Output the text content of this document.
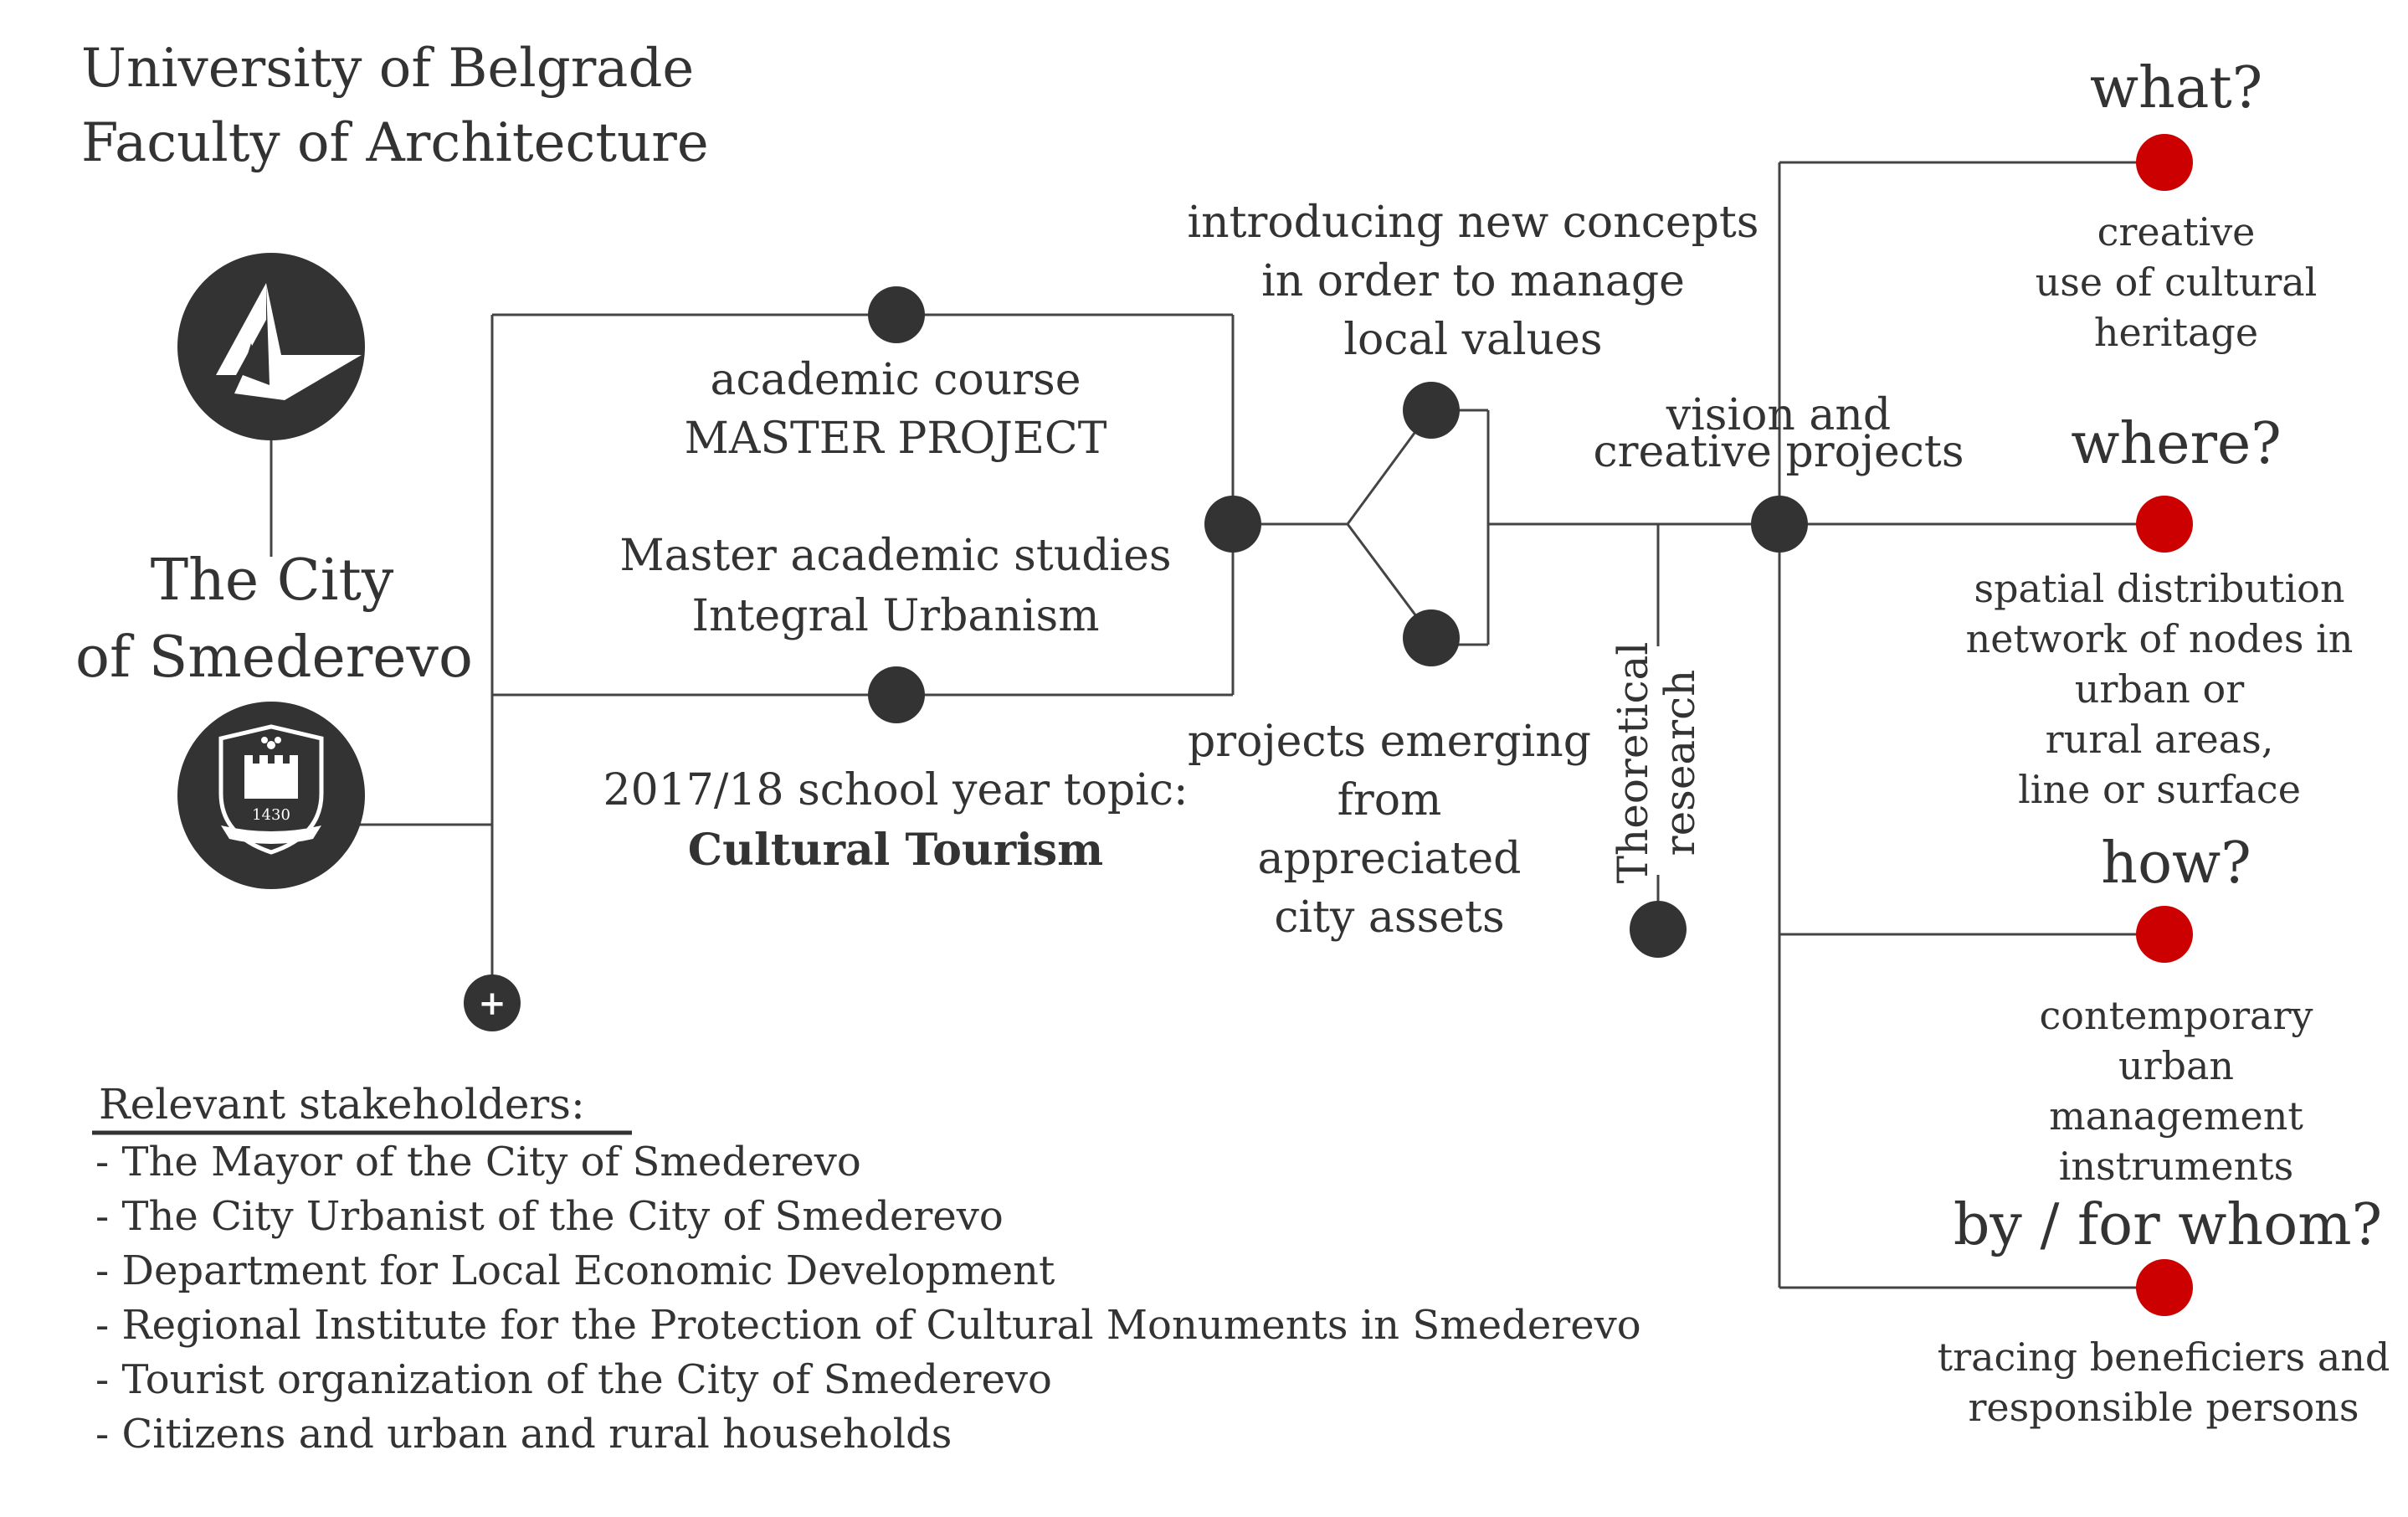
1430
+
University of Belgrade
Faculty of Architecture
The City
of Smederevo
academic course
MASTER PROJECT
Master academic studies
Integral Urbanism
2017/18 school year topic:
Cultural Tourism
introducing new concepts
in order to manage
local values
projects emerging
from
appreciated
city assets
Theoretical
research
vision and
creative projects
what?
creative
use of cultural
heritage
where?
spatial distribution
network of nodes in
urban or
rural areas,
line or surface
how?
contemporary
urban
management
instruments
by / for whom?
tracing beneficiers and
responsible persons
Relevant stakeholders:
- The Mayor of the City of Smederevo
- The City Urbanist of the City of Smederevo
- Department for Local Economic Development
- Regional Institute for the Protection of Cultural Monuments in Smederevo
- Tourist organization of the City of Smederevo
- Citizens and urban and rural households
